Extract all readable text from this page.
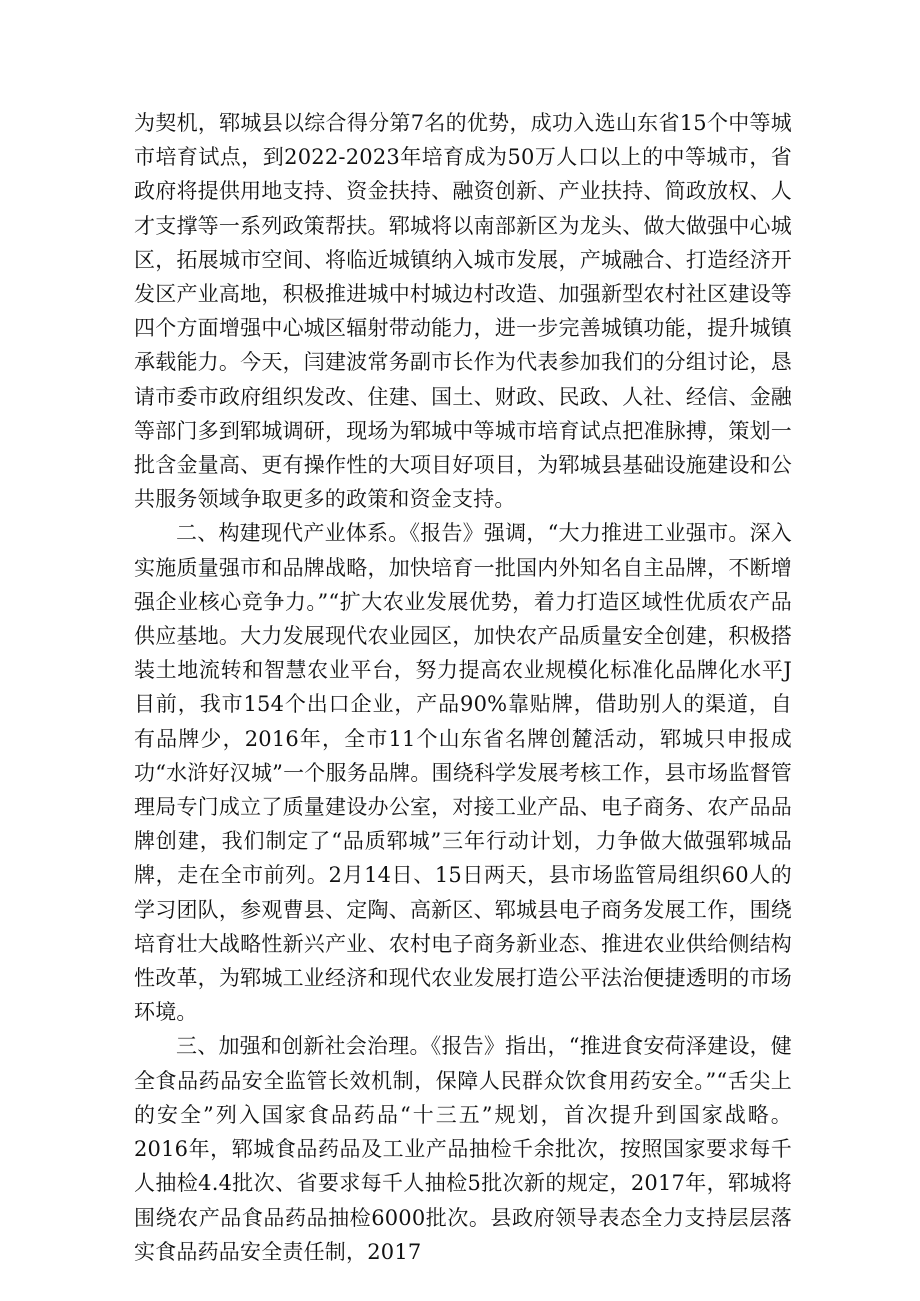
为契机，郓城县以综合得分第7名的优势，成功入选山东省15个中等城市培育试点，到2022-2023年培育成为50万人口以上的中等城市，省政府将提供用地支持、资金扶持、融资创新、产业扶持、简政放权、人才支撑等一系列政策帮扶。郓城将以南部新区为龙头、做大做强中心城区，拓展城市空间、将临近城镇纳入城市发展，产城融合、打造经济开发区产业高地，积极推进城中村城边村改造、加强新型农村社区建设等四个方面增强中心城区辐射带动能力，进一步完善城镇功能，提升城镇承载能力。今天，闫建波常务副市长作为代表参加我们的分组讨论，恳请市委市政府组织发改、住建、国土、财政、民政、人社、经信、金融等部门多到郓城调研，现场为郓城中等城市培育试点把准脉搏，策划一批含金量高、更有操作性的大项目好项目，为郓城县基础设施建设和公共服务领域争取更多的政策和资金支持。

二、构建现代产业体系。《报告》强调，“大力推进工业强市。深入实施质量强市和品牌战略，加快培育一批国内外知名自主品牌，不断增强企业核心竞争力。”“扩大农业发展优势，着力打造区域性优质农产品供应基地。大力发展现代农业园区，加快农产品质量安全创建，积极搭装土地流转和智慧农业平台，努力提高农业规模化标准化品牌化水平J目前，我市154个出口企业，产品90%靠贴牌，借助别人的渠道，自有品牌少，2016年，全市11个山东省名牌创麓活动，郓城只申报成功“水浒好汉城”一个服务品牌。围绕科学发展考核工作，县市场监督管理局专门成立了质量建设办公室，对接工业产品、电子商务、农产品品牌创建，我们制定了“品质郓城”三年行动计划，力争做大做强郓城品牌，走在全市前列。2月14日、15日两天，县市场监管局组织60人的学习团队，参观曹县、定陶、高新区、郓城县电子商务发展工作，围绕培育壮大战略性新兴产业、农村电子商务新业态、推进农业供给侧结构性改革，为郓城工业经济和现代农业发展打造公平法治便捷透明的市场环境。

三、加强和创新社会治理。《报告》指出，“推进食安荷泽建设，健全食品药品安全监管长效机制，保障人民群众饮食用药安全。”“舌尖上的安全”列入国家食品药品“十三五”规划，首次提升到国家战略。2016年，郓城食品药品及工业产品抽检千余批次，按照国家要求每千人抽检4.4批次、省要求每千人抽检5批次新的规定，2017年，郓城将围绕农产品食品药品抽检6000批次。县政府领导表态全力支持层层落实食品药品安全责任制，2017
